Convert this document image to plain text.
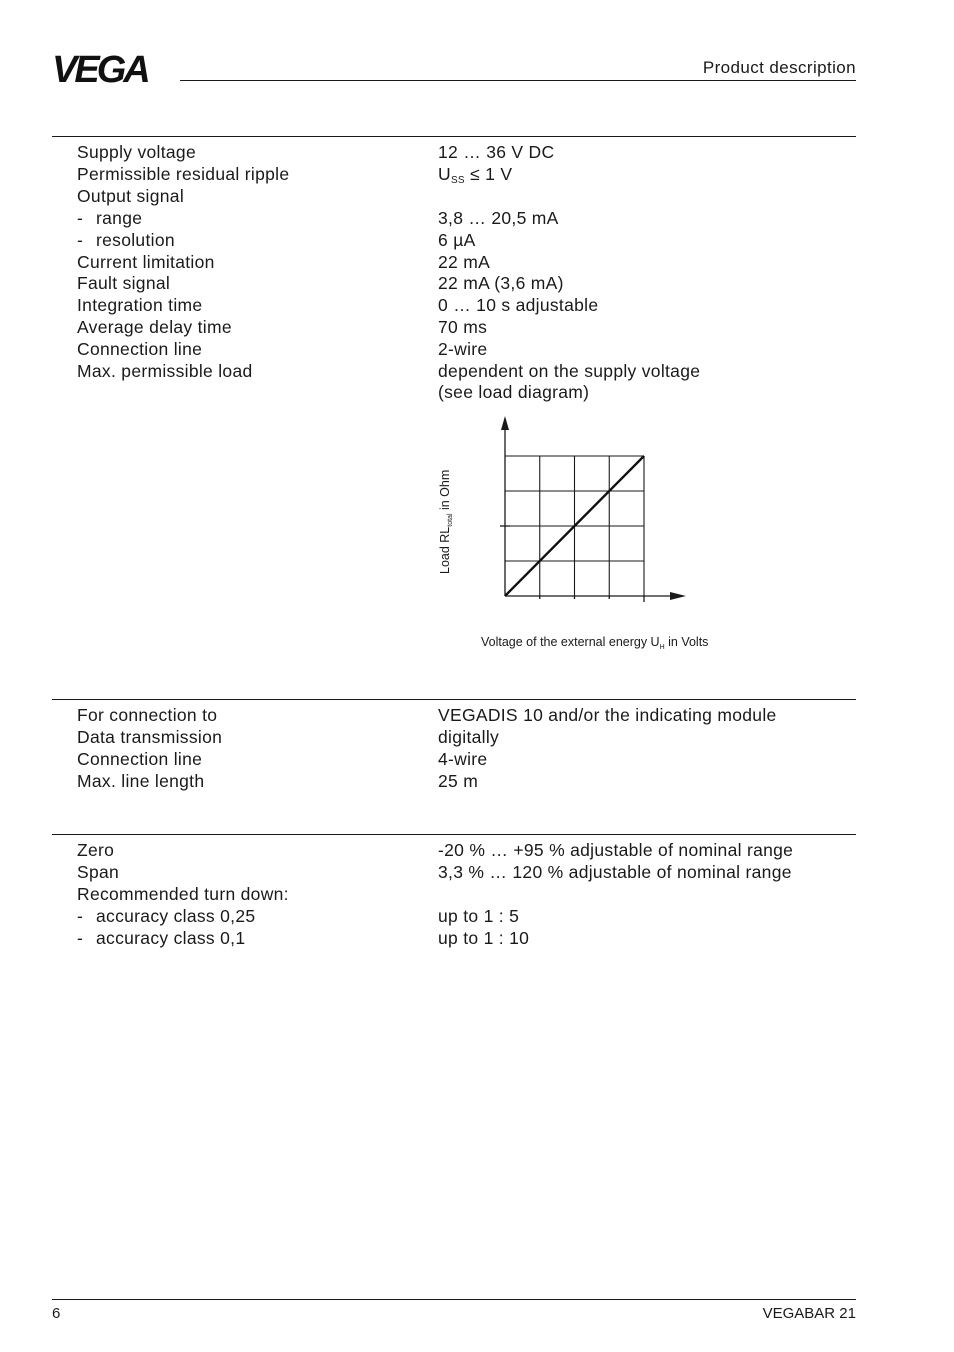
VEGA	Product description
Supply voltage	12 … 36 V DC
Permissible residual ripple	$U_{SS} \le 1$ V
Output signal
- range	3,8 … 20,5 mA
- resolution	6 µA
Current limitation	22 mA
Fault signal	22 mA (3,6 mA)
Integration time	0 … 10 s adjustable
Average delay time	70 ms
Connection line	2-wire
Max. permissible load	dependent on the supply voltage
(see load diagram)
Load $RL_{total}$ in Ohm
Voltage of the external energy $U_H$ in Volts
For connection to	VEGADIS 10 and/or the indicating module
Data transmission	digitally
Connection line	4-wire
Max. line length	25 m
Zero	-20 % … +95 % adjustable of nominal range
Span	3,3 % … 120 % adjustable of nominal range
Recommended turn down:
- accuracy class 0,25	up to 1 : 5
- accuracy class 0,1	up to 1 : 10
6	VEGABAR 21
